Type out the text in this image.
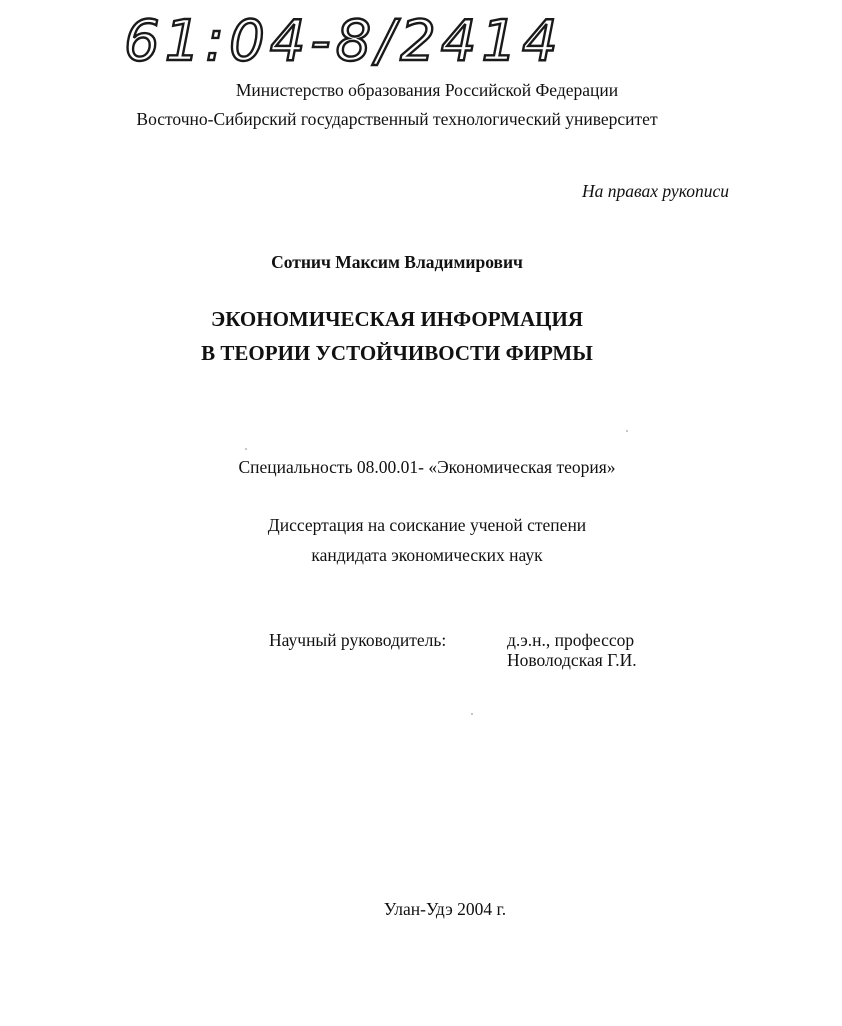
61:04-8/2414
Министерство образования Российской Федерации
Восточно-Сибирский государственный технологический университет
На правах рукописи
Сотнич Максим Владимирович
ЭКОНОМИЧЕСКАЯ ИНФОРМАЦИЯ
В ТЕОРИИ УСТОЙЧИВОСТИ ФИРМЫ
Специальность 08.00.01- «Экономическая теория»
Диссертация на соискание ученой степени
кандидата экономических наук
Научный руководитель:	д.э.н., профессор
Новолодская Г.И.
Улан-Удэ 2004 г.
